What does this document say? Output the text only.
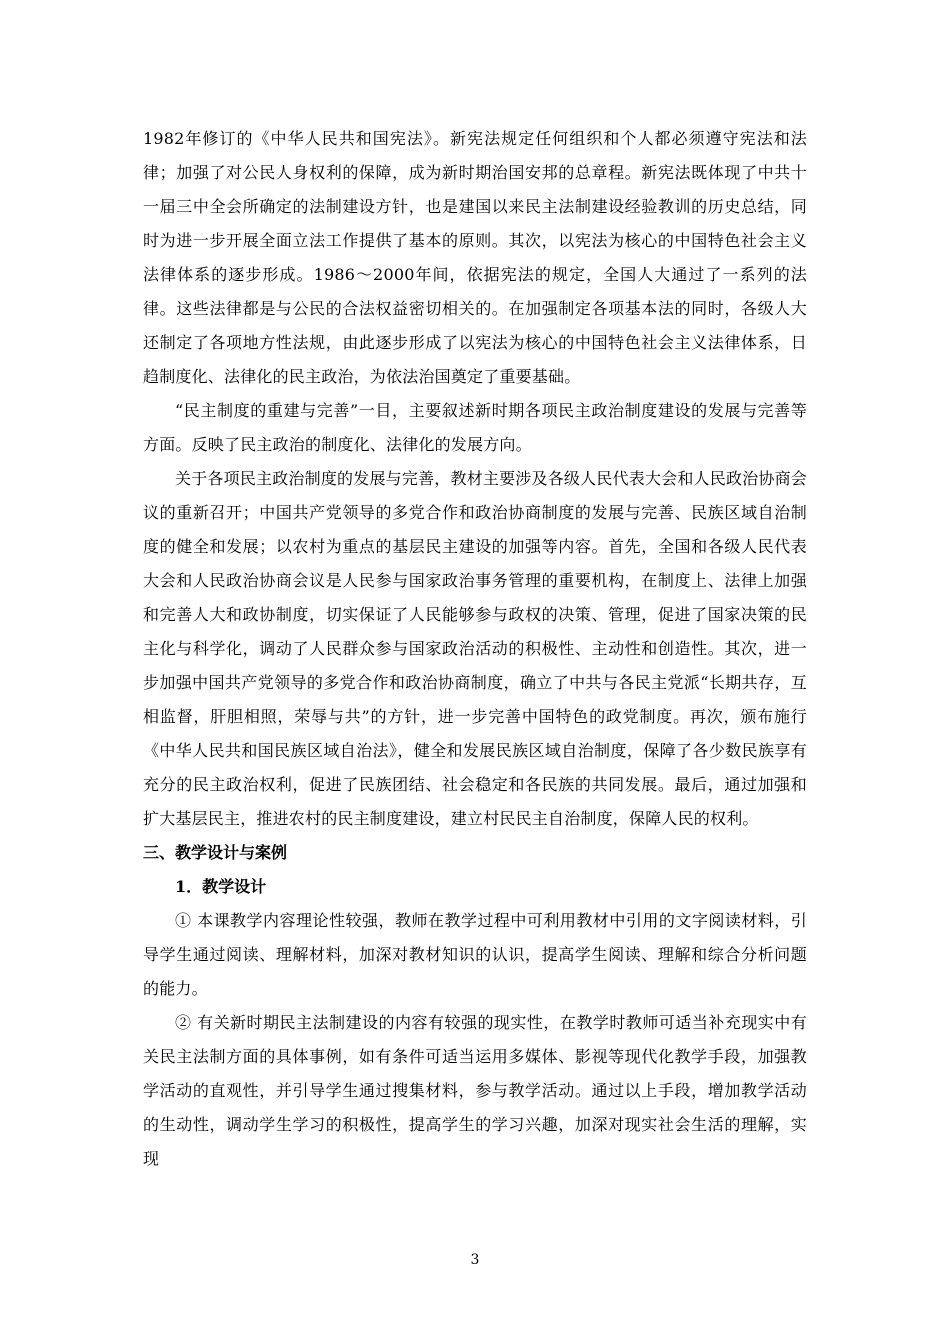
1982年修订的《中华人民共和国宪法》。新宪法规定任何组织和个人都必须遵守宪法和法律；加强了对公民人身权利的保障，成为新时期治国安邦的总章程。新宪法既体现了中共十一届三中全会所确定的法制建设方针，也是建国以来民主法制建设经验教训的历史总结，同时为进一步开展全面立法工作提供了基本的原则。其次，以宪法为核心的中国特色社会主义法律体系的逐步形成。1986～2000年间，依据宪法的规定，全国人大通过了一系列的法律。这些法律都是与公民的合法权益密切相关的。在加强制定各项基本法的同时，各级人大还制定了各项地方性法规，由此逐步形成了以宪法为核心的中国特色社会主义法律体系，日趋制度化、法律化的民主政治，为依法治国奠定了重要基础。

“民主制度的重建与完善”一目，主要叙述新时期各项民主政治制度建设的发展与完善等方面。反映了民主政治的制度化、法律化的发展方向。

关于各项民主政治制度的发展与完善，教材主要涉及各级人民代表大会和人民政治协商会议的重新召开；中国共产党领导的多党合作和政治协商制度的发展与完善、民族区域自治制度的健全和发展；以农村为重点的基层民主建设的加强等内容。首先，全国和各级人民代表大会和人民政治协商会议是人民参与国家政治事务管理的重要机构，在制度上、法律上加强和完善人大和政协制度，切实保证了人民能够参与政权的决策、管理，促进了国家决策的民主化与科学化，调动了人民群众参与国家政治活动的积极性、主动性和创造性。其次，进一步加强中国共产党领导的多党合作和政治协商制度，确立了中共与各民主党派“长期共存，互相监督，肝胆相照，荣辱与共”的方针，进一步完善中国特色的政党制度。再次，颁布施行《中华人民共和国民族区域自治法》，健全和发展民族区域自治制度，保障了各少数民族享有充分的民主政治权利，促进了民族团结、社会稳定和各民族的共同发展。最后，通过加强和扩大基层民主，推进农村的民主制度建设，建立村民民主自治制度，保障人民的权利。

三、教学设计与案例

1．教学设计

① 本课教学内容理论性较强，教师在教学过程中可利用教材中引用的文字阅读材料，引导学生通过阅读、理解材料，加深对教材知识的认识，提高学生阅读、理解和综合分析问题的能力。

② 有关新时期民主法制建设的内容有较强的现实性，在教学时教师可适当补充现实中有关民主法制方面的具体事例，如有条件可适当运用多媒体、影视等现代化教学手段，加强教学活动的直观性，并引导学生通过搜集材料，参与教学活动。通过以上手段，增加教学活动的生动性，调动学生学习的积极性，提高学生的学习兴趣，加深对现实社会生活的理解，实现

3
